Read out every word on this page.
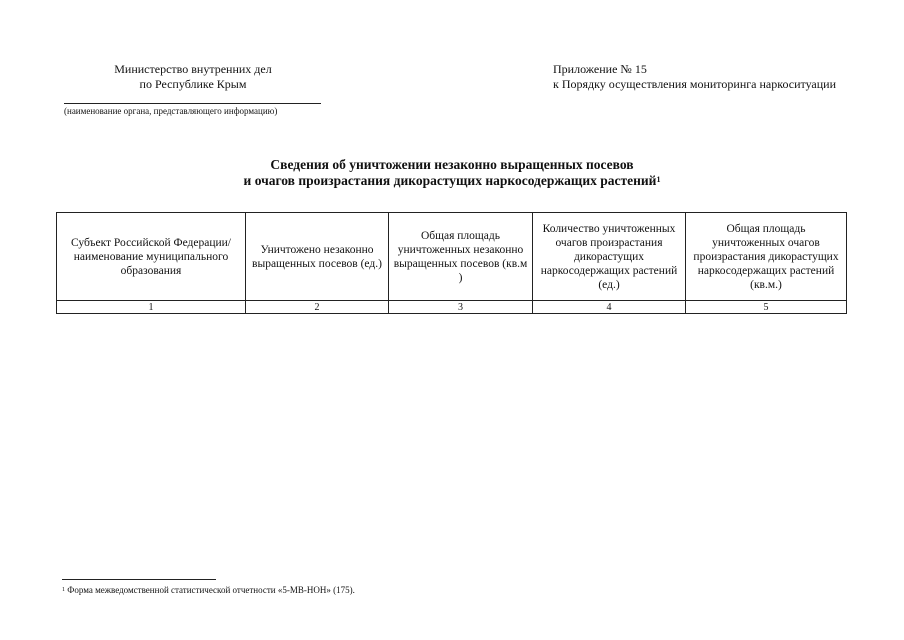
Министерство внутренних дел
по Республике Крым
(наименование органа, представляющего информацию)
Приложение № 15
к Порядку осуществления мониторинга наркоситуации
Сведения об уничтожении незаконно выращенных посевов
и очагов произрастания дикорастущих наркосодержащих растений$^1$
Субъект Российской Федерации/ наименование муниципального образования	Уничтожено незаконно выращенных посевов (ед.)	Общая площадь уничтоженных незаконно выращенных посевов (кв.м )	Количество уничтоженных очагов произрастания дикорастущих наркосодержащих растений (ед.)	Общая площадь уничтоженных очагов произрастания дикорастущих наркосодержащих растений (кв.м.)
1	2	3	4	5
$^1$ Форма межведомственной статистической отчетности «5-МВ-НОН» (175).
